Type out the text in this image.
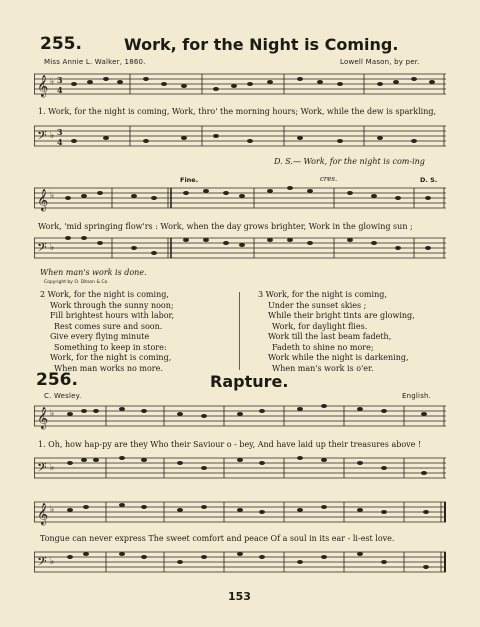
255.	Work, for the Night is Coming.
Miss Annie L. Walker, 1860.	Lowell Mason, by per.
𝄞 ♭ 3
4
1. Work, for the night is coming, Work, thro' the morning hours; Work, while the dew is sparkling,
𝄢 ♭ 3
4
D. S.— Work, for the night is com-ing
Fine.	cres.	D. S.
𝄞 ♭
Work, 'mid springing flow'rs : Work, when the day grows brighter, Work in the glowing sun ;
𝄢 ♭
When man's work is done.
Copyright by O. Ditson & Co.
2 Work, for the night is coming,
Work through the sunny noon;
Fill brightest hours with labor,
Rest comes sure and soon.
Give every flying minute
Something to keep in store:
Work, for the night is coming,
When man works no more.
3 Work, for the night is coming,
Under the sunset skies ;
While their bright tints are glowing,
Work, for daylight flies.
Work till the last beam fadeth,
Fadeth to shine no more;
Work while the night is darkening,
When man's work is o'er.
256.	Rapture.
C. Wesley.	English.
𝄞 ♭
1. Oh, how hap-py are they Who their Saviour o - bey, And have laid up their treasures above !
𝄢 ♭
𝄞 ♭
Tongue can never express The sweet comfort and peace Of a soul in its ear - li-est love.
𝄢 ♭
153
